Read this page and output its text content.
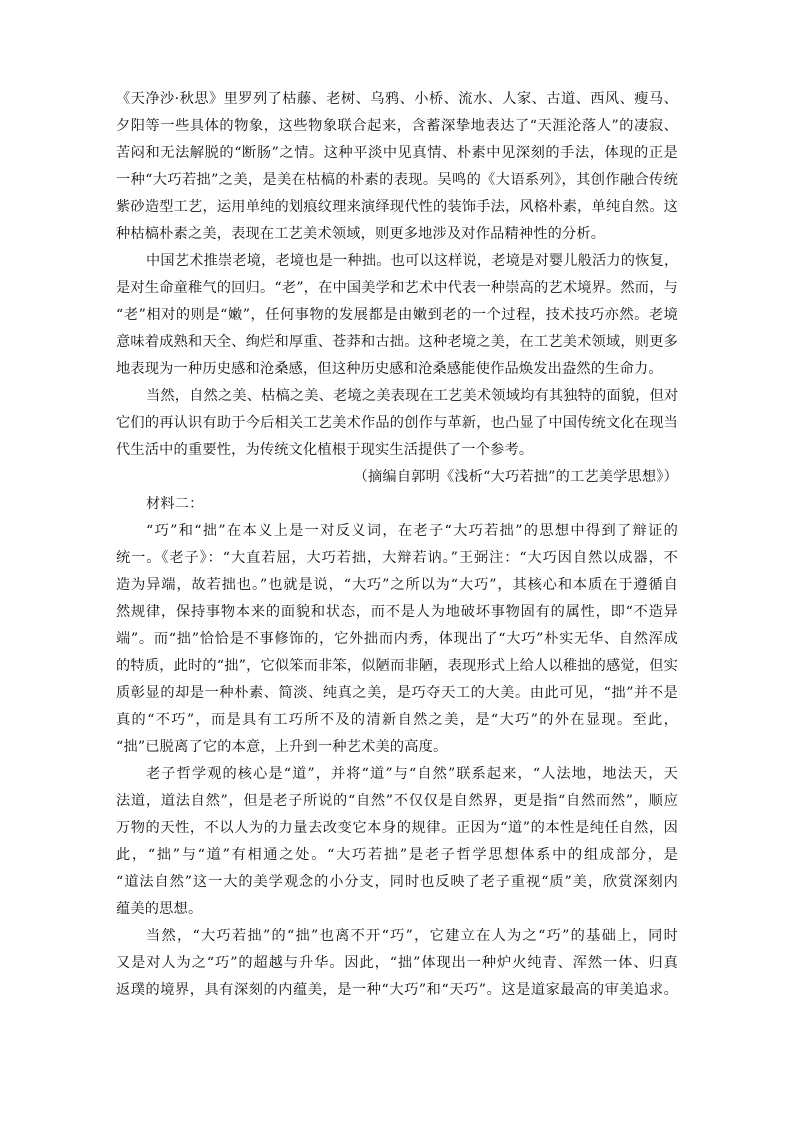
《天净沙·秋思》里罗列了枯藤、老树、乌鸦、小桥、流水、人家、古道、西风、瘦马、
夕阳等一些具体的物象，这些物象联合起来，含蓄深挚地表达了“天涯沦落人”的凄寂、
苦闷和无法解脱的“断肠”之情。这种平淡中见真情、朴素中见深刻的手法，体现的正是
一种“大巧若拙”之美，是美在枯槁的朴素的表现。吴鸣的《大语系列》，其创作融合传统
紫砂造型工艺，运用单纯的划痕纹理来演绎现代性的装饰手法，风格朴素，单纯自然。这
种枯槁朴素之美，表现在工艺美术领域，则更多地涉及对作品精神性的分析。
中国艺术推崇老境，老境也是一种拙。也可以这样说，老境是对婴儿般活力的恢复，
是对生命童稚气的回归。“老”，在中国美学和艺术中代表一种崇高的艺术境界。然而，与
“老”相对的则是“嫩”，任何事物的发展都是由嫩到老的一个过程，技术技巧亦然。老境
意味着成熟和天全、绚烂和厚重、苍莽和古拙。这种老境之美，在工艺美术领域，则更多
地表现为一种历史感和沧桑感，但这种历史感和沧桑感能使作品焕发出盎然的生命力。
当然，自然之美、枯槁之美、老境之美表现在工艺美术领域均有其独特的面貌，但对
它们的再认识有助于今后相关工艺美术作品的创作与革新，也凸显了中国传统文化在现当
代生活中的重要性，为传统文化植根于现实生活提供了一个参考。
（摘编自郭明《浅析“大巧若拙”的工艺美学思想》）
材料二：
“巧”和“拙”在本义上是一对反义词，在老子“大巧若拙”的思想中得到了辩证的
统一。《老子》：“大直若屈，大巧若拙，大辩若讷。”王弼注：“大巧因自然以成器，不
造为异端，故若拙也。”也就是说，“大巧”之所以为“大巧”，其核心和本质在于遵循自
然规律，保持事物本来的面貌和状态，而不是人为地破坏事物固有的属性，即“不造异
端”。而“拙”恰恰是不事修饰的，它外拙而内秀，体现出了“大巧”朴实无华、自然浑成
的特质，此时的“拙”，它似笨而非笨，似陋而非陋，表现形式上给人以稚拙的感觉，但实
质彰显的却是一种朴素、简淡、纯真之美，是巧夺天工的大美。由此可见，“拙”并不是
真的“不巧”，而是具有工巧所不及的清新自然之美，是“大巧”的外在显现。至此，
“拙”已脱离了它的本意，上升到一种艺术美的高度。
老子哲学观的核心是“道”，并将“道”与“自然”联系起来，“人法地，地法天，天
法道，道法自然”，但是老子所说的“自然”不仅仅是自然界，更是指“自然而然”，顺应
万物的天性，不以人为的力量去改变它本身的规律。正因为“道”的本性是纯任自然，因
此，“拙”与“道”有相通之处。“大巧若拙”是老子哲学思想体系中的组成部分，是
“道法自然”这一大的美学观念的小分支，同时也反映了老子重视“质”美，欣赏深刻内
蕴美的思想。
当然，“大巧若拙”的“拙”也离不开“巧”，它建立在人为之“巧”的基础上，同时
又是对人为之“巧”的超越与升华。因此，“拙”体现出一种炉火纯青、浑然一体、归真
返璞的境界，具有深刻的内蕴美，是一种“大巧”和“天巧”。这是道家最高的审美追求。
